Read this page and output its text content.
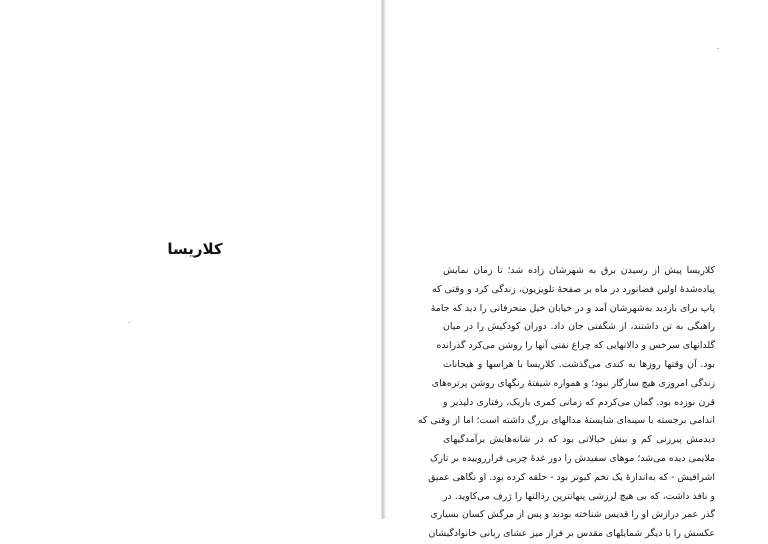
کلاریسا
کلاریسا پیش از رسیدن برق به شهرشان زاده شد؛ تا زمان نمایش
پیاده‌شدهٔ اولین فضانورد در ماه بر صفحهٔ تلویزیون، زندگی کرد و وقتی که
پاپ برای بازدید به‌شهرشان آمد و در خیابان خیل منحرفانی را دید که جامهٔ
راهبگی به تن داشتند، از شگفتی جان داد. دوران کودکیش را در میان
گلدانهای سرخس و دالانهایی که چراغ نفتی آنها را روشن می‌کرد گذرانده
بود. آن وقتها روزها به کندی می‌گذشت. کلاریسا با هراسها و هیجانات
زندگی امروزی هیچ سازگار نبود؛ و همواره شیفتهٔ رنگهای روشن پرتره‌های
قرن نوزده بود. گمان می‌کردم که زمانی کمری باریک، رفتاری دلپذیر و
اندامی برجسته با سینه‌ای شایستهٔ مدالهای بزرگ داشته است؛ اما از وقتی که
دیدمش پیرزنی کم و بیش خیالاتی بود که در شانه‌هایش برآمدگیهای
ملایمی دیده می‌شد؛ موهای سفیدش را دور غدهٔ چربی فرارروییده بر تارک
اشرافیش - که به‌اندازهٔ یک تخم کبوتر بود - حلقه کرده بود. او نگاهی عمیق
و نافذ داشت، که بی هیچ لرزشی پنهانترین رذالتها را ژرف می‌کاوید. در
گذر عمر درازش او را قدیس شناخته بودند و پس از مرگش کسان بسیاری
عکسش را با دیگر شمایلهای مقدس بر فراز میز عشای ربانی خانوادگیشان
